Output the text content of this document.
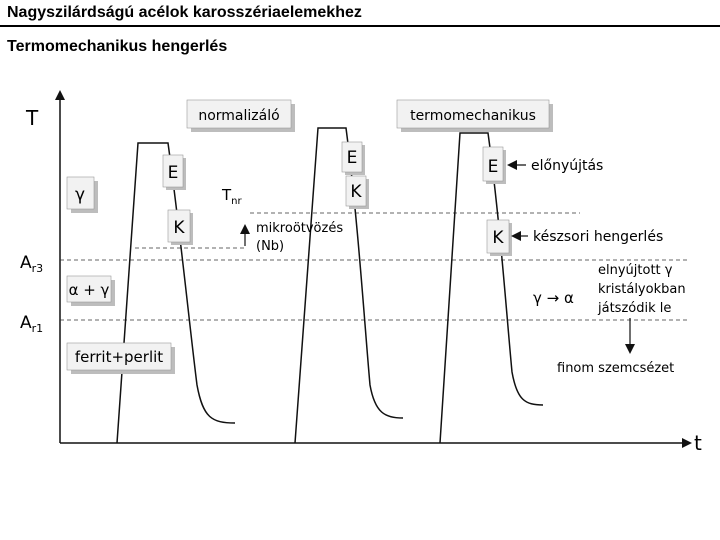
Nagyszilárdságú acélok karosszériaelemekhez
Termomechanikus hengerlés
T
t
$A_{r3}$
$A_{r1}$
γ
α + γ
ferrit+perlit
normalizáló	termomechanikus
E
K
E
K
E
K
$T_{nr}$
mikroötvözés
(Nb)
előnyújtás
készsori hengerlés
elnyújtott γ
kristályokban
játszódik le
γ → α
finom szemcsézet
